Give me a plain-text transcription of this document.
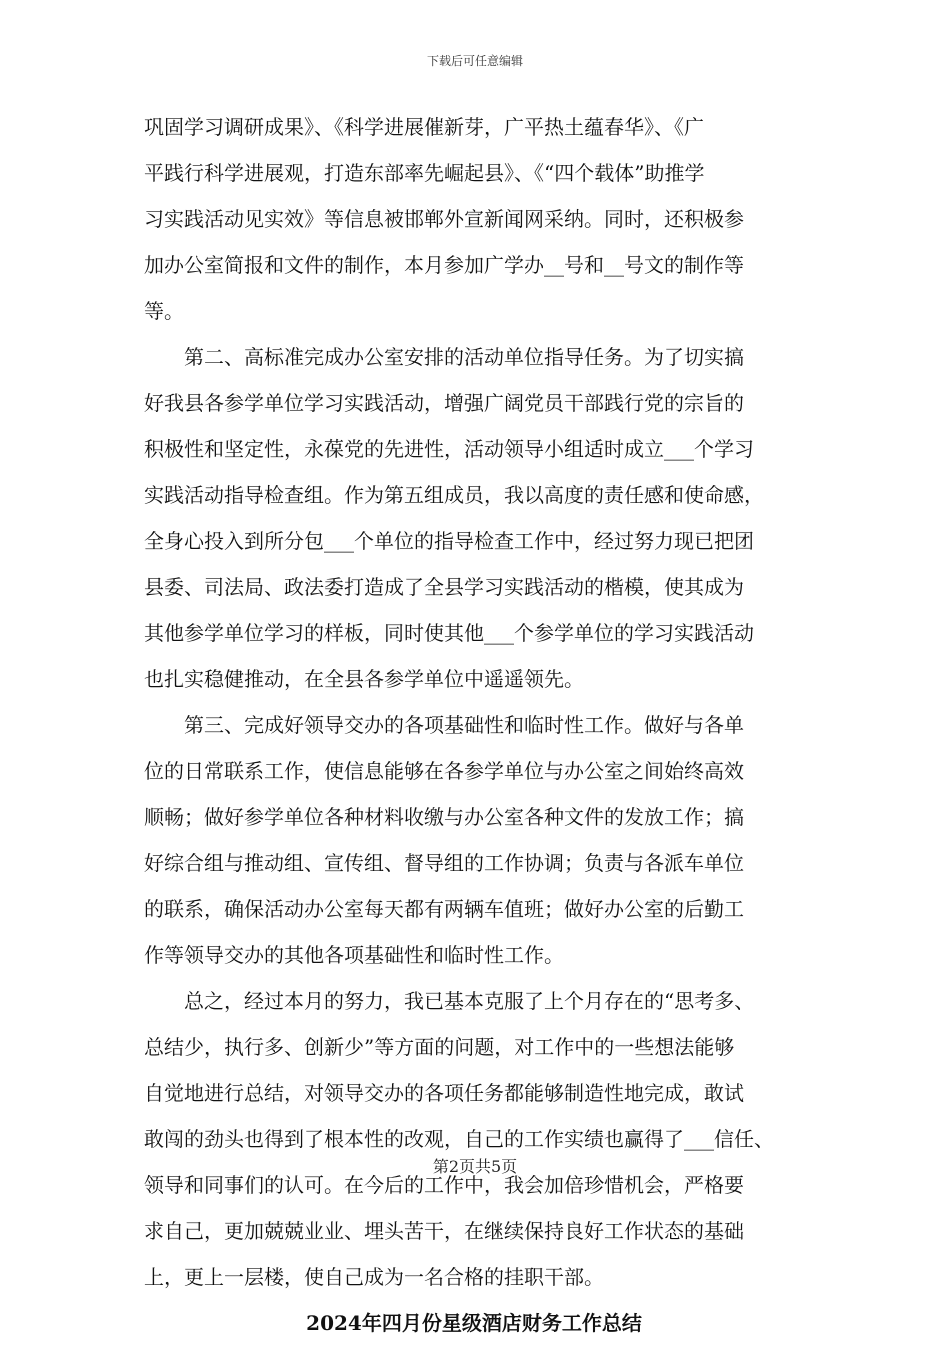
下载后可任意编辑
巩固学习调研成果》、《科学进展催新芽，广平热土蕴春华》、《广
平践行科学进展观，打造东部率先崛起县》、《“四个载体”助推学
习实践活动见实效》等信息被邯郸外宣新闻网采纳。同时，还积极参
加办公室简报和文件的制作，本月参加广学办__号和__号文的制作等
等。
第二、高标准完成办公室安排的活动单位指导任务。为了切实搞
好我县各参学单位学习实践活动，增强广阔党员干部践行党的宗旨的
积极性和坚定性，永葆党的先进性，活动领导小组适时成立___个学习
实践活动指导检查组。作为第五组成员，我以高度的责任感和使命感，
全身心投入到所分包___个单位的指导检查工作中，经过努力现已把团
县委、司法局、政法委打造成了全县学习实践活动的楷模，使其成为
其他参学单位学习的样板，同时使其他___个参学单位的学习实践活动
也扎实稳健推动，在全县各参学单位中遥遥领先。
第三、完成好领导交办的各项基础性和临时性工作。做好与各单
位的日常联系工作，使信息能够在各参学单位与办公室之间始终高效
顺畅；做好参学单位各种材料收缴与办公室各种文件的发放工作；搞
好综合组与推动组、宣传组、督导组的工作协调；负责与各派车单位
的联系，确保活动办公室每天都有两辆车值班；做好办公室的后勤工
作等领导交办的其他各项基础性和临时性工作。
总之，经过本月的努力，我已基本克服了上个月存在的“思考多、
总结少，执行多、创新少”等方面的问题，对工作中的一些想法能够
自觉地进行总结，对领导交办的各项任务都能够制造性地完成，敢试
敢闯的劲头也得到了根本性的改观，自己的工作实绩也赢得了___信任、
领导和同事们的认可。在今后的工作中，我会加倍珍惜机会，严格要
求自己，更加兢兢业业、埋头苦干，在继续保持良好工作状态的基础
上，更上一层楼，使自己成为一名合格的挂职干部。
2024年四月份星级酒店财务工作总结
第2页共5页
